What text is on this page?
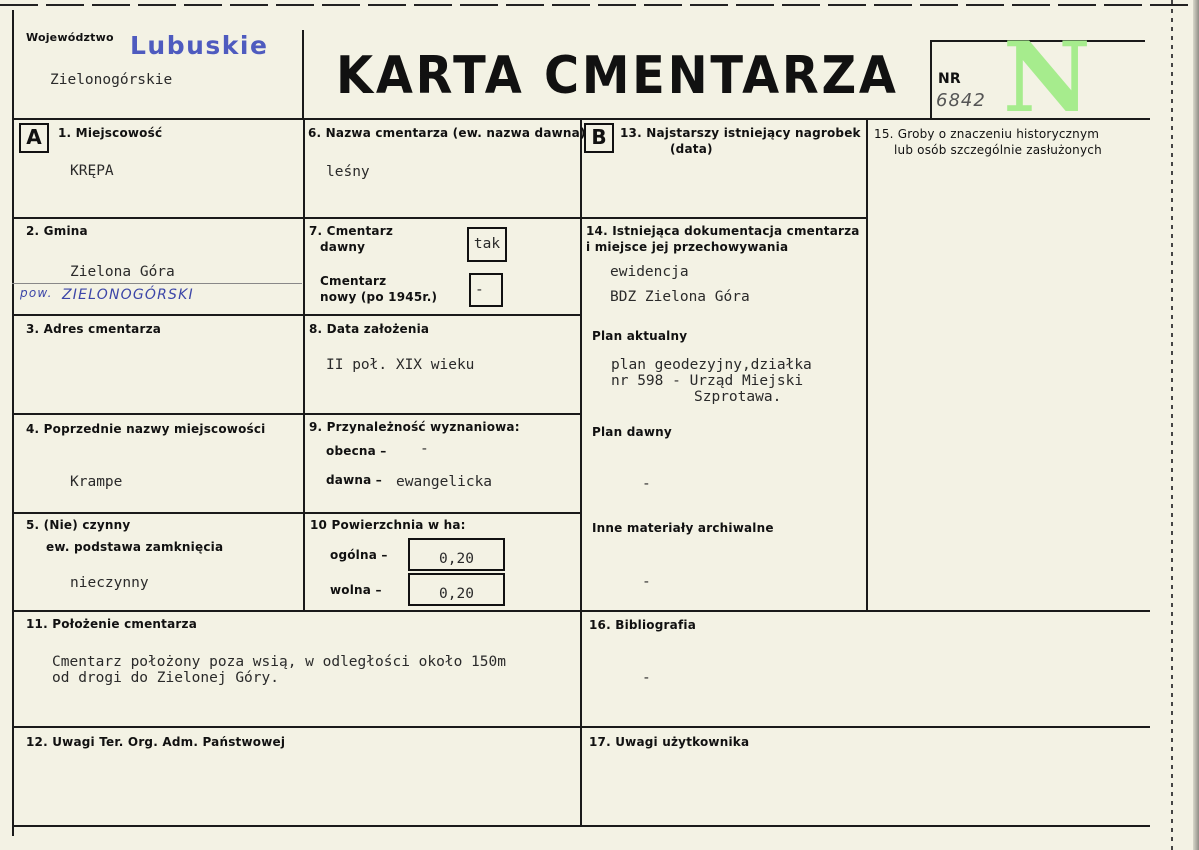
Województwo Lubuskie
Zielonogórskie	KARTA CMENTARZA N
NR
6842
A	1. Miejscowość
KRĘPA
6. Nazwa cmentarza (ew. nazwa dawna)
leśny
B	13. Najstarszy istniejący nagrobek
(data)
15. Groby o znaczeniu historycznym
lub osób szczególnie zasłużonych
2. Gmina
Zielona Góra
pow. ZIELONOGÓRSKI
7. Cmentarz
dawny	tak
Cmentarz
nowy (po 1945r.)	-
14. Istniejąca dokumentacja cmentarza
i miejsce jej przechowywania
ewidencja
BDZ Zielona Góra
Plan aktualny
plan geodezyjny,działka
nr 598 - Urząd Miejski
Szprotawa.
Plan dawny
-
Inne materiały archiwalne
-
3. Adres cmentarza	8. Data założenia
II poł. XIX wieku
4. Poprzednie nazwy miejscowości
Krampe
9. Przynależność wyznaniowa:
obecna – -
dawna – ewangelicka
5. (Nie) czynny
ew. podstawa zamknięcia
nieczynny
10 Powierzchnia w ha:
ogólna –	0,20
wolna –	0,20
11. Położenie cmentarza
Cmentarz położony poza wsią, w odległości około 150m
od drogi do Zielonej Góry.
16. Bibliografia
-
12. Uwagi Ter. Org. Adm. Państwowej	17. Uwagi użytkownika
